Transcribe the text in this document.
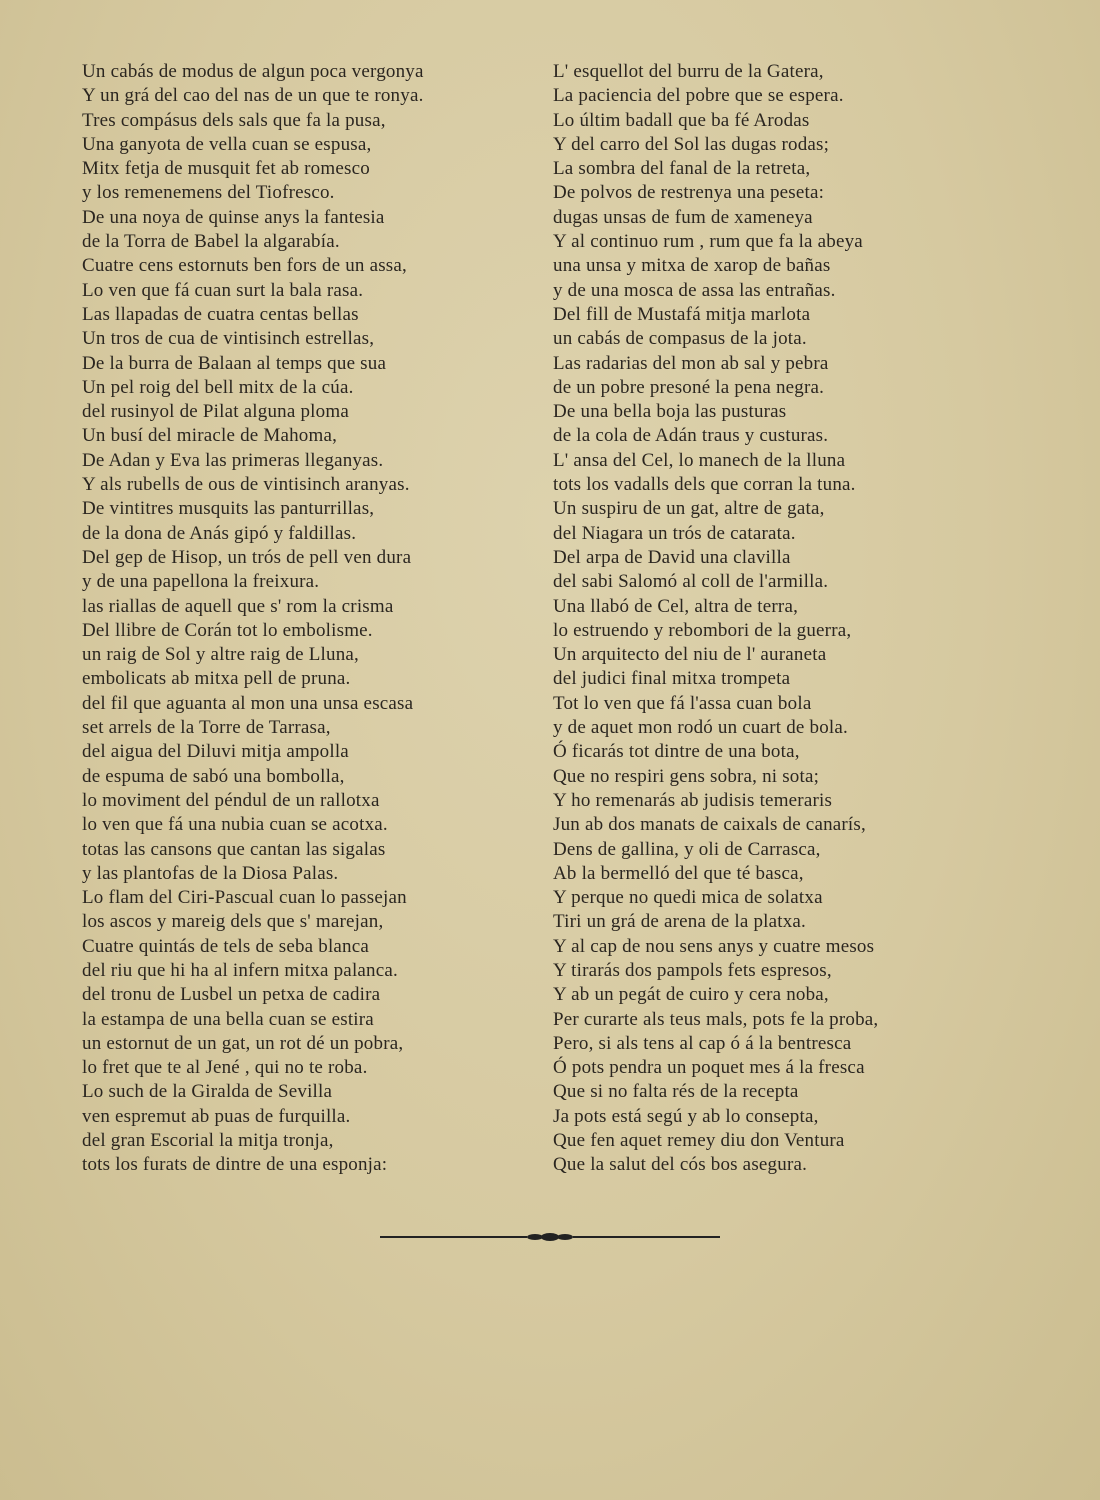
Un cabás de modus de algun poca vergonya
Y un grá del cao del nas de un que te ronya.
Tres compásus dels sals que fa la pusa,
Una ganyota de vella cuan se espusa,
Mitx fetja de musquit fet ab romesco
y los remenemens del Tiofresco.
De una noya de quinse anys la fantesia
de la Torra de Babel la algarabía.
Cuatre cens estornuts ben fors de un assa,
Lo ven que fá cuan surt la bala rasa.
Las llapadas de cuatra centas bellas
Un tros de cua de vintisinch estrellas,
De la burra de Balaan al temps que sua
Un pel roig del bell mitx de la cúa.
del rusinyol de Pilat alguna ploma
Un busí del miracle de Mahoma,
De Adan y Eva las primeras lleganyas.
Y als rubells de ous de vintisinch aranyas.
De vintitres musquits las panturrillas,
de la dona de Anás gipó y faldillas.
Del gep de Hisop, un trós de pell ven dura
y de una papellona la freixura.
las riallas de aquell que s' rom la crisma
Del llibre de Corán tot lo embolisme.
un raig de Sol y altre raig de Lluna,
embolicats ab mitxa pell de pruna.
del fil que aguanta al mon una unsa escasa
set arrels de la Torre de Tarrasa,
del aigua del Diluvi mitja ampolla
de espuma de sabó una bombolla,
lo moviment del péndul de un rallotxa
lo ven que fá una nubia cuan se acotxa.
totas las cansons que cantan las sigalas
y las plantofas de la Diosa Palas.
Lo flam del Ciri-Pascual cuan lo passejan
los ascos y mareig dels que s' marejan,
Cuatre quintás de tels de seba blanca
del riu que hi ha al infern mitxa palanca.
del tronu de Lusbel un petxa de cadira
la estampa de una bella cuan se estira
un estornut de un gat, un rot dé un pobra,
lo fret que te al Jené , qui no te roba.
Lo such de la Giralda de Sevilla
ven espremut ab puas de furquilla.
del gran Escorial la mitja tronja,
tots los furats de dintre de una esponja:
L' esquellot del burru de la Gatera,
La paciencia del pobre que se espera.
Lo últim badall que ba fé Arodas
Y del carro del Sol las dugas rodas;
La sombra del fanal de la retreta,
De polvos de restrenya una peseta:
dugas unsas de fum de xameneya
Y al continuo rum , rum que fa la abeya
una unsa y mitxa de xarop de bañas
y de una mosca de assa las entrañas.
Del fill de Mustafá mitja marlota
un cabás de compasus de la jota.
Las radarias del mon ab sal y pebra
de un pobre presoné la pena negra.
De una bella boja las pusturas
de la cola de Adán traus y custuras.
L' ansa del Cel, lo manech de la lluna
tots los vadalls dels que corran la tuna.
Un suspiru de un gat, altre de gata,
del Niagara un trós de catarata.
Del arpa de David una clavilla
del sabi Salomó al coll de l'armilla.
Una llabó de Cel, altra de terra,
lo estruendo y rebombori de la guerra,
Un arquitecto del niu de l' auraneta
del judici final mitxa trompeta
Tot lo ven que fá l'assa cuan bola
y de aquet mon rodó un cuart de bola.
Ó ficarás tot dintre de una bota,
Que no respiri gens sobra, ni sota;
Y ho remenarás ab judisis temeraris
Jun ab dos manats de caixals de canarís,
Dens de gallina, y oli de Carrasca,
Ab la bermelló del que té basca,
Y perque no quedi mica de solatxa
Tiri un grá de arena de la platxa.
Y al cap de nou sens anys y cuatre mesos
Y tirarás dos pampols fets espresos,
Y ab un pegát de cuiro y cera noba,
Per curarte als teus mals, pots fe la proba,
Pero, si als tens al cap ó á la bentresca
Ó pots pendra un poquet mes á la fresca
Que si no falta rés de la recepta
Ja pots está segú y ab lo consepta,
Que fen aquet remey diu don Ventura
Que la salut del cós bos asegura.
